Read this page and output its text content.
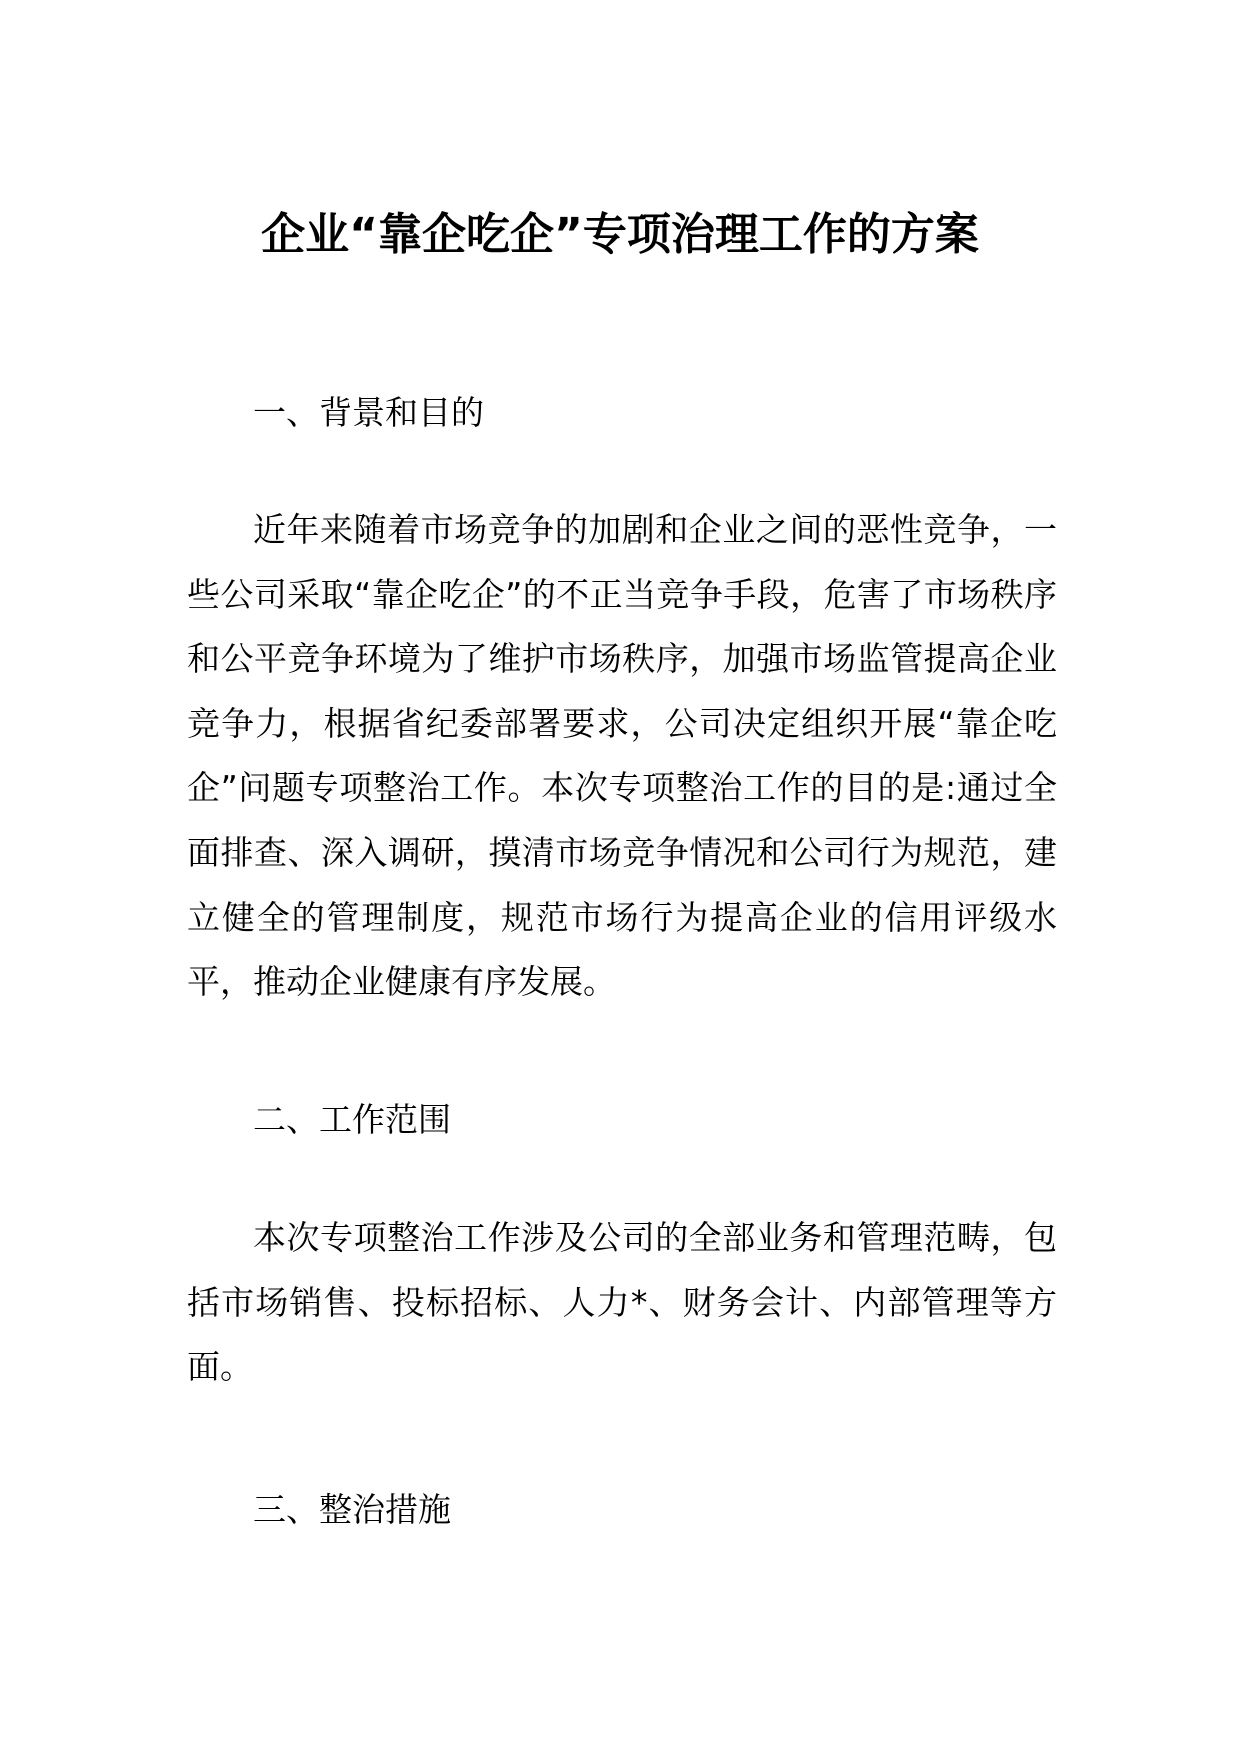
企业“靠企吃企”专项治理工作的方案
一、背景和目的
近年来随着市场竞争的加剧和企业之间的恶性竞争，一些公司采取“靠企吃企”的不正当竞争手段，危害了市场秩序和公平竞争环境为了维护市场秩序，加强市场监管提高企业竞争力，根据省纪委部署要求，公司决定组织开展“靠企吃企”问题专项整治工作。本次专项整治工作的目的是:通过全面排查、深入调研，摸清市场竞争情况和公司行为规范，建立健全的管理制度，规范市场行为提高企业的信用评级水平，推动企业健康有序发展。
二、工作范围
本次专项整治工作涉及公司的全部业务和管理范畴，包括市场销售、投标招标、人力*、财务会计、内部管理等方面。
三、整治措施
